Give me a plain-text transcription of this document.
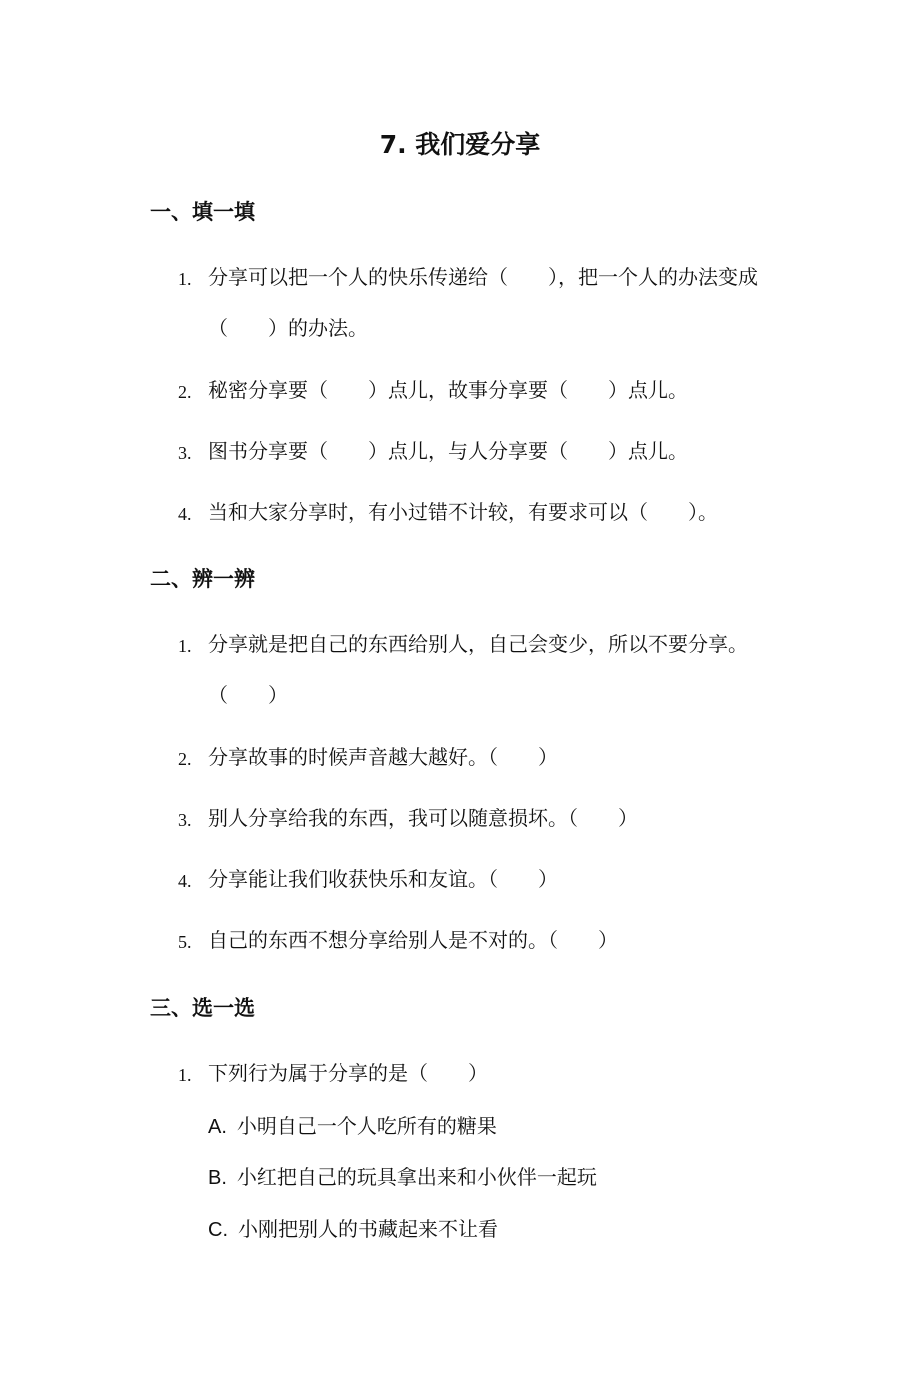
7. 我们爱分享
一、填一填
1. 分享可以把一个人的快乐传递给（　　），把一个人的办法变成（　　）的办法。
2. 秘密分享要（　　）点儿，故事分享要（　　）点儿。
3. 图书分享要（　　）点儿，与人分享要（　　）点儿。
4. 当和大家分享时，有小过错不计较，有要求可以（　　）。
二、辨一辨
1. 分享就是把自己的东西给别人，自己会变少，所以不要分享。（　　）
2. 分享故事的时候声音越大越好。（　　）
3. 别人分享给我的东西，我可以随意损坏。（　　）
4. 分享能让我们收获快乐和友谊。（　　）
5. 自己的东西不想分享给别人是不对的。（　　）
三、选一选
1. 下列行为属于分享的是（　　）
A. 小明自己一个人吃所有的糖果
B. 小红把自己的玩具拿出来和小伙伴一起玩
C. 小刚把别人的书藏起来不让看
